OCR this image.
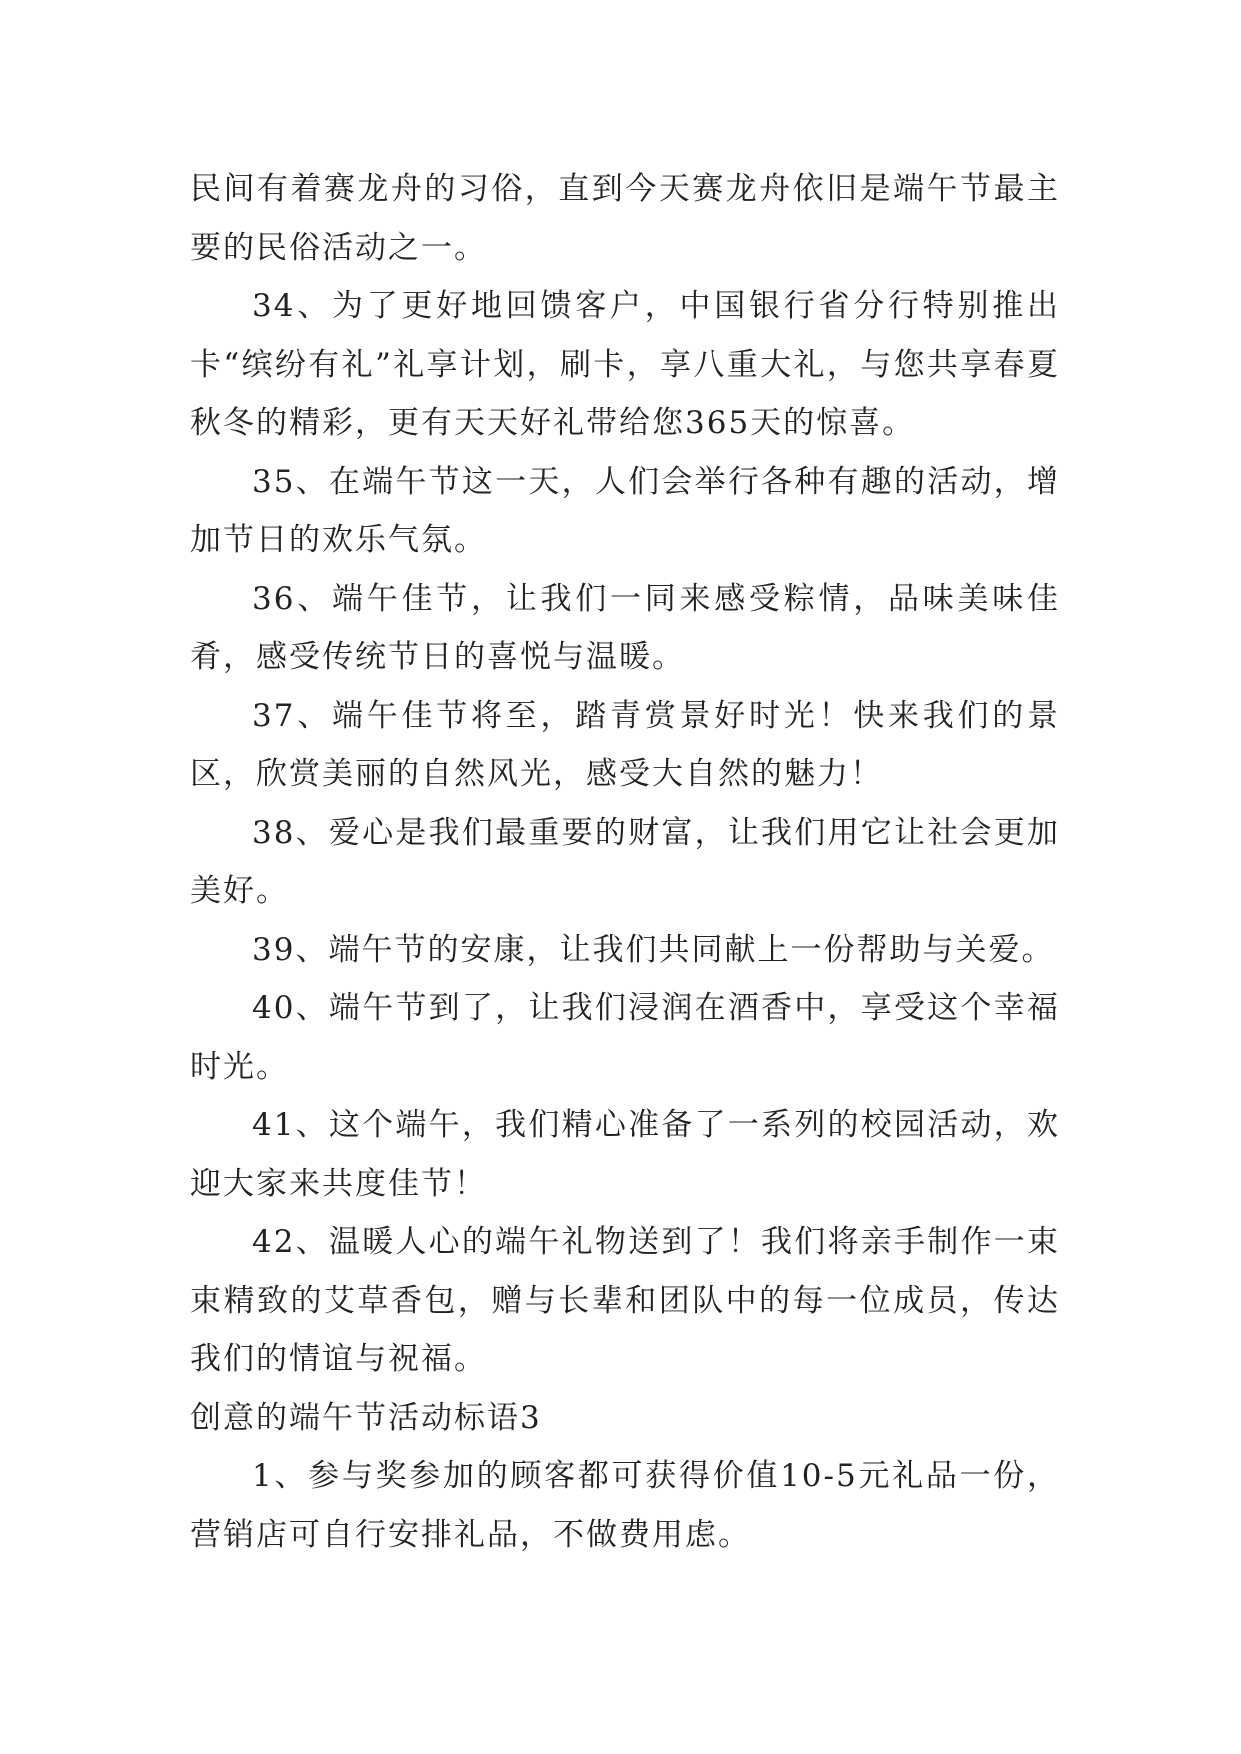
民间有着赛龙舟的习俗，直到今天赛龙舟依旧是端午节最主要的民俗活动之一。

34、为了更好地回馈客户，中国银行省分行特别推出卡“缤纷有礼”礼享计划，刷卡，享八重大礼，与您共享春夏秋冬的精彩，更有天天好礼带给您365天的惊喜。

35、在端午节这一天，人们会举行各种有趣的活动，增加节日的欢乐气氛。

36、端午佳节，让我们一同来感受粽情，品味美味佳肴，感受传统节日的喜悦与温暖。

37、端午佳节将至，踏青赏景好时光！快来我们的景区，欣赏美丽的自然风光，感受大自然的魅力！

38、爱心是我们最重要的财富，让我们用它让社会更加美好。

39、端午节的安康，让我们共同献上一份帮助与关爱。

40、端午节到了，让我们浸润在酒香中，享受这个幸福时光。

41、这个端午，我们精心准备了一系列的校园活动，欢迎大家来共度佳节！

42、温暖人心的端午礼物送到了！我们将亲手制作一束束精致的艾草香包，赠与长辈和团队中的每一位成员，传达我们的情谊与祝福。

创意的端午节活动标语3

1、参与奖参加的顾客都可获得价值10-5元礼品一份，营销店可自行安排礼品，不做费用虑。
